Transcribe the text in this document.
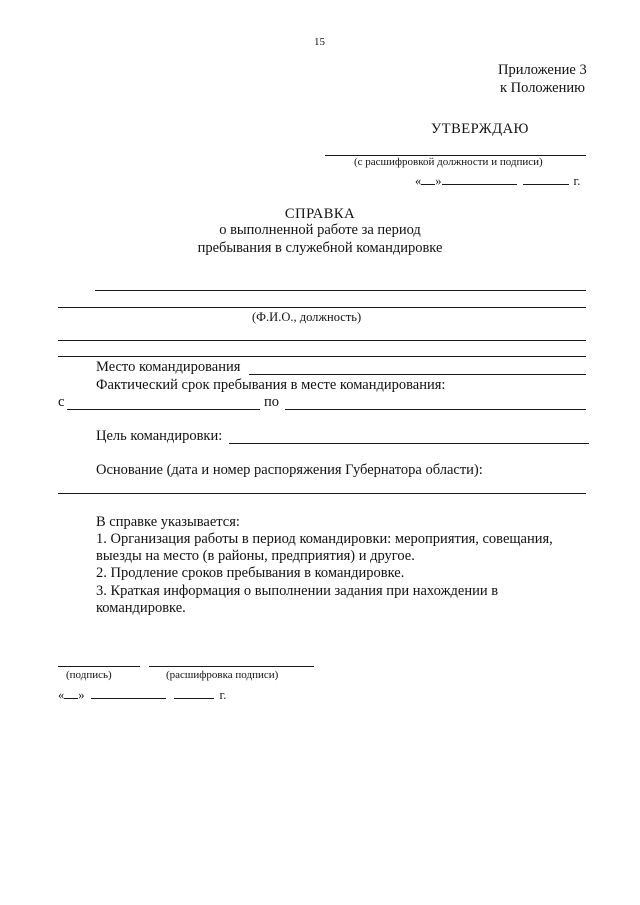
15
Приложение 3
к Положению
УТВЕРЖДАЮ
(с расшифровкой должности и подписи)
« »	г.
СПРАВКА
о выполненной работе за период
пребывания в служебной командировке
(Ф.И.О., должность)
Место командирования
Фактический срок пребывания в месте командирования:
с	по
Цель командировки:
Основание (дата и номер распоряжения Губернатора области):
В справке указывается:
1. Организация работы в период командировки: мероприятия, совещания,
выезды на место (в районы, предприятия) и другое.
2. Продление сроков пребывания в командировке.
3. Краткая информация о выполнении задания при нахождении в
командировке.
(подпись)	(расшифровка подписи)
« »	г.
